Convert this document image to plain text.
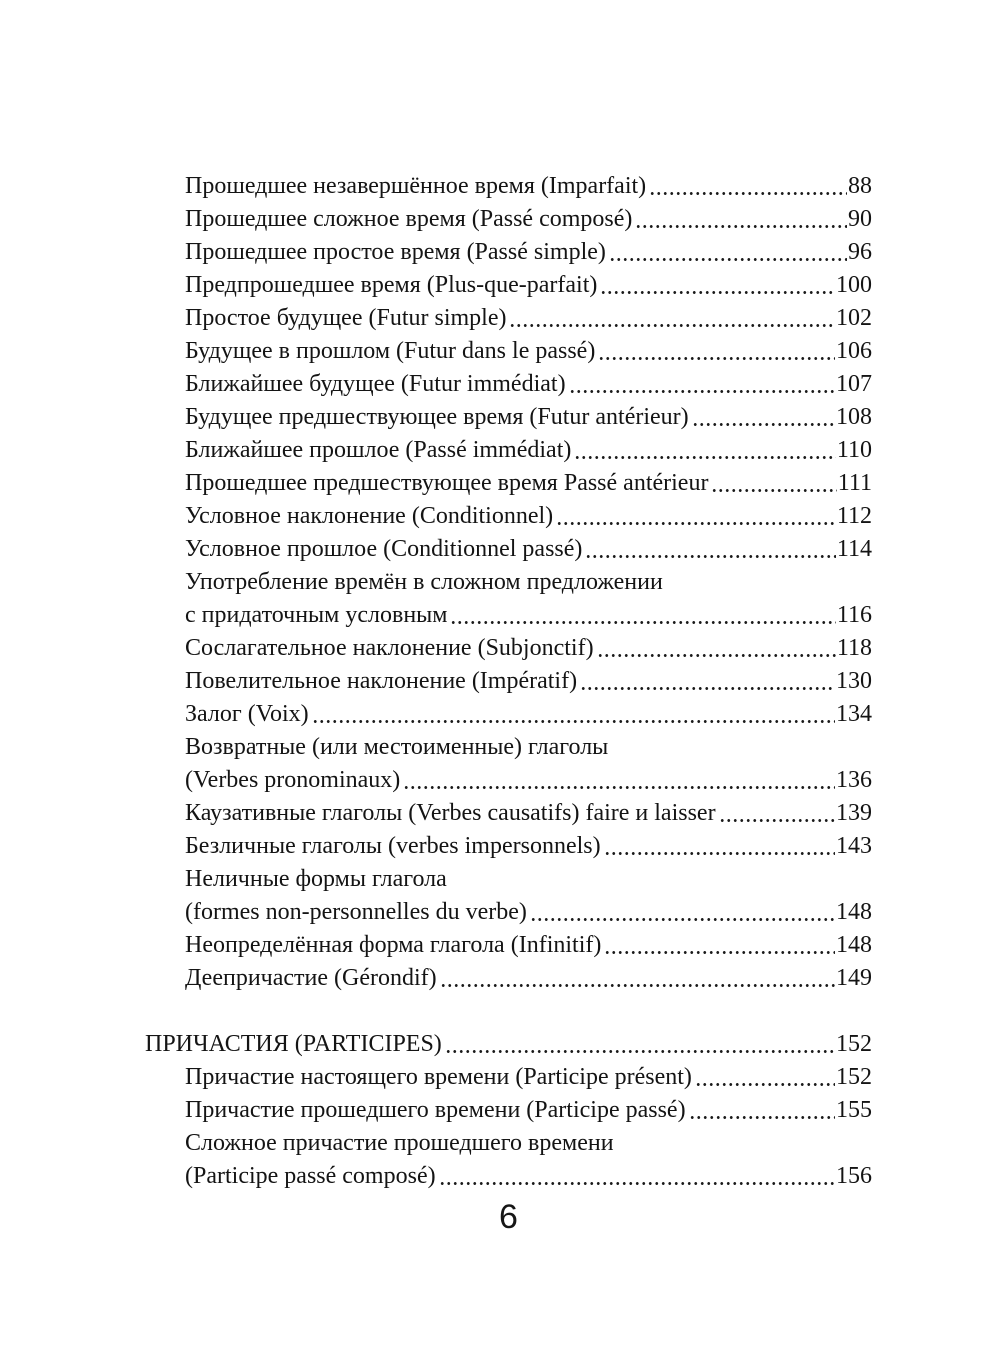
Прошедшее незавершённое время (Imparfait)	88
Прошедшее сложное время (Passé composé)	90
Прошедшее простое время (Passé simple)	96
Предпрошедшее время (Plus-que-parfait)	100
Простое будущее (Futur simple)	102
Будущее в прошлом (Futur dans le passé)	106
Ближайшее будущее (Futur immédiat)	107
Будущее предшествующее время (Futur antérieur)	108
Ближайшее прошлое (Passé immédiat)	110
Прошедшее предшествующее время Passé antérieur	111
Условное наклонение (Conditionnel)	112
Условное прошлое (Conditionnel passé)	114
Употребление времён в сложном предложении
с придаточным условным	116
Сослагательное наклонение (Subjonctif)	118
Повелительное наклонение (Impératif)	130
Залог (Voix)	134
Возвратные (или местоименные) глаголы
(Verbes pronominaux)	136
Каузативные глаголы (Verbes causatifs) faire и laisser	139
Безличные глаголы (verbes impersonnels)	143
Неличные формы глагола
(formes non-personnelles du verbe)	148
Неопределённая форма глагола (Infinitif)	148
Деепричастие (Gérondif)	149
ПРИЧАСТИЯ (PARTICIPES)	152
Причастие настоящего времени (Participe présent)	152
Причастие прошедшего времени (Participe passé)	155
Сложное причастие прошедшего времени
(Participe passé composé)	156
6
